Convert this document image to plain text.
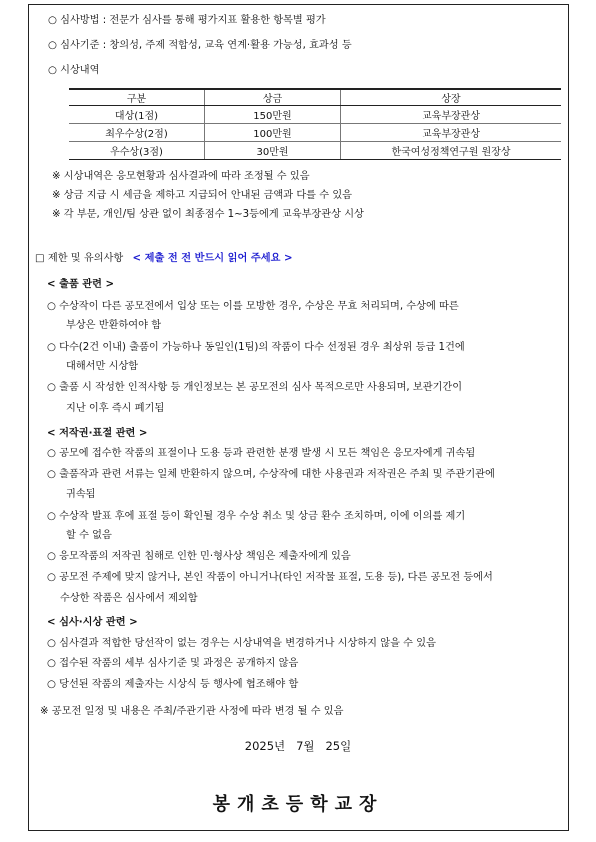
○ 심사방법 : 전문가 심사를 통해 평가지표 활용한 항목별 평가
○ 심사기준 : 창의성, 주제 적합성, 교육 연계·활용 가능성, 효과성 등
○ 시상내역
구분	상금	상장
대상(1점)	150만원	교육부장관상
최우수상(2점)	100만원	교육부장관상
우수상(3점)	30만원	한국여성정책연구원 원장상
※ 시상내역은 응모현황과 심사결과에 따라 조정될 수 있음
※ 상금 지급 시 세금을 제하고 지급되어 안내된 금액과 다를 수 있음
※ 각 부문, 개인/팀 상관 없이 최종점수 1~3등에게 교육부장관상 시상
□ 제한 및 유의사항 < 제출 전 전 반드시 읽어 주세요 >
< 출품 관련 >
○ 수상작이 다른 공모전에서 입상 또는 이를 모방한 경우, 수상은 무효 처리되며, 수상에 따른
부상은 반환하여야 함
○ 다수(2건 이내) 출품이 가능하나 동일인(1팀)의 작품이 다수 선정된 경우 최상위 등급 1건에
대해서만 시상함
○ 출품 시 작성한 인적사항 등 개인정보는 본 공모전의 심사 목적으로만 사용되며, 보관기간이
지난 이후 즉시 폐기됨
< 저작권·표절 관련 >
○ 공모에 접수한 작품의 표절이나 도용 등과 관련한 분쟁 발생 시 모든 책임은 응모자에게 귀속됨
○ 출품작과 관련 서류는 일체 반환하지 않으며, 수상작에 대한 사용권과 저작권은 주최 및 주관기관에
귀속됨
○ 수상작 발표 후에 표절 등이 확인될 경우 수상 취소 및 상금 환수 조치하며, 이에 이의를 제기
할 수 없음
○ 응모작품의 저작권 침해로 인한 민·형사상 책임은 제출자에게 있음
○ 공모전 주제에 맞지 않거나, 본인 작품이 아니거나(타인 저작물 표절, 도용 등), 다른 공모전 등에서
수상한 작품은 심사에서 제외함
< 심사·시상 관련 >
○ 심사결과 적합한 당선작이 없는 경우는 시상내역을 변경하거나 시상하지 않을 수 있음
○ 접수된 작품의 세부 심사기준 및 과정은 공개하지 않음
○ 당선된 작품의 제출자는 시상식 등 행사에 협조해야 함
※ 공모전 일정 및 내용은 주최/주관기관 사정에 따라 변경 될 수 있음
2025년   7월   25일
봉개초등학교장
